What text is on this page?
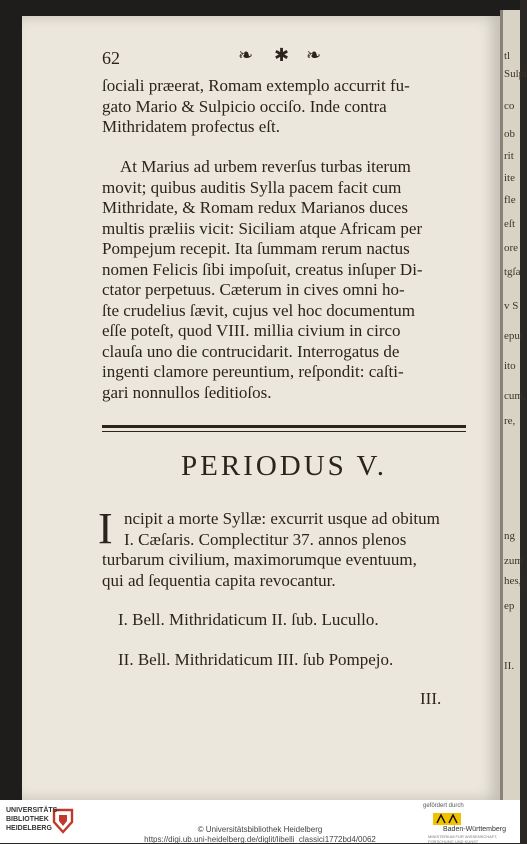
tl
Sulpi
co
ob
rit
ite
fle
eſt
ore
tgſa
v S
eput
ito
cum,
re,
ng
zum
hes,
ep
II.
62	❧ ✱ ❧
ſociali præerat, Romam extemplo accurrit fu-
gato Mario & Sulpicio occiſo. Inde contra
Mithridatem profectus eſt.
At Marius ad urbem reverſus turbas iterum
movit; quibus auditis Sylla pacem facit cum
Mithridate, & Romam redux Marianos duces
multis præliis vicit: Siciliam atque Africam per
Pompejum recepit. Ita ſummam rerum nactus
nomen Felicis ſibi impoſuit, creatus inſuper Di-
ctator perpetuus. Cæterum in cives omni ho-
ſte crudelius ſævit, cujus vel hoc documentum
eſſe poteſt, quod VIII. millia civium in circo
clauſa uno die contrucidarit. Interrogatus de
ingenti clamore pereuntium, reſpondit: caſti-
gari nonnullos ſeditioſos.
PERIODUS V.
I ncipit a morte Syllæ: excurrit usque ad obitum
I. Cæſaris. Complectitur 37. annos plenos
turbarum civilium, maximorumque eventuum,
qui ad ſequentia capita revocantur.
I. Bell. Mithridaticum II. ſub. Lucullo.
II. Bell. Mithridaticum III. ſub Pompejo.
III.
UNIVERSITÄTS-
BIBLIOTHEK
HEIDELBERG	© Universitätsbibliothek Heidelberg
https://digi.ub.uni-heidelberg.de/diglit/libelli_classici1772bd4/0062
gefördert durch
Baden-Württemberg
MINISTERIUM FÜR WISSENSCHAFT, FORSCHUNG UND KUNST
